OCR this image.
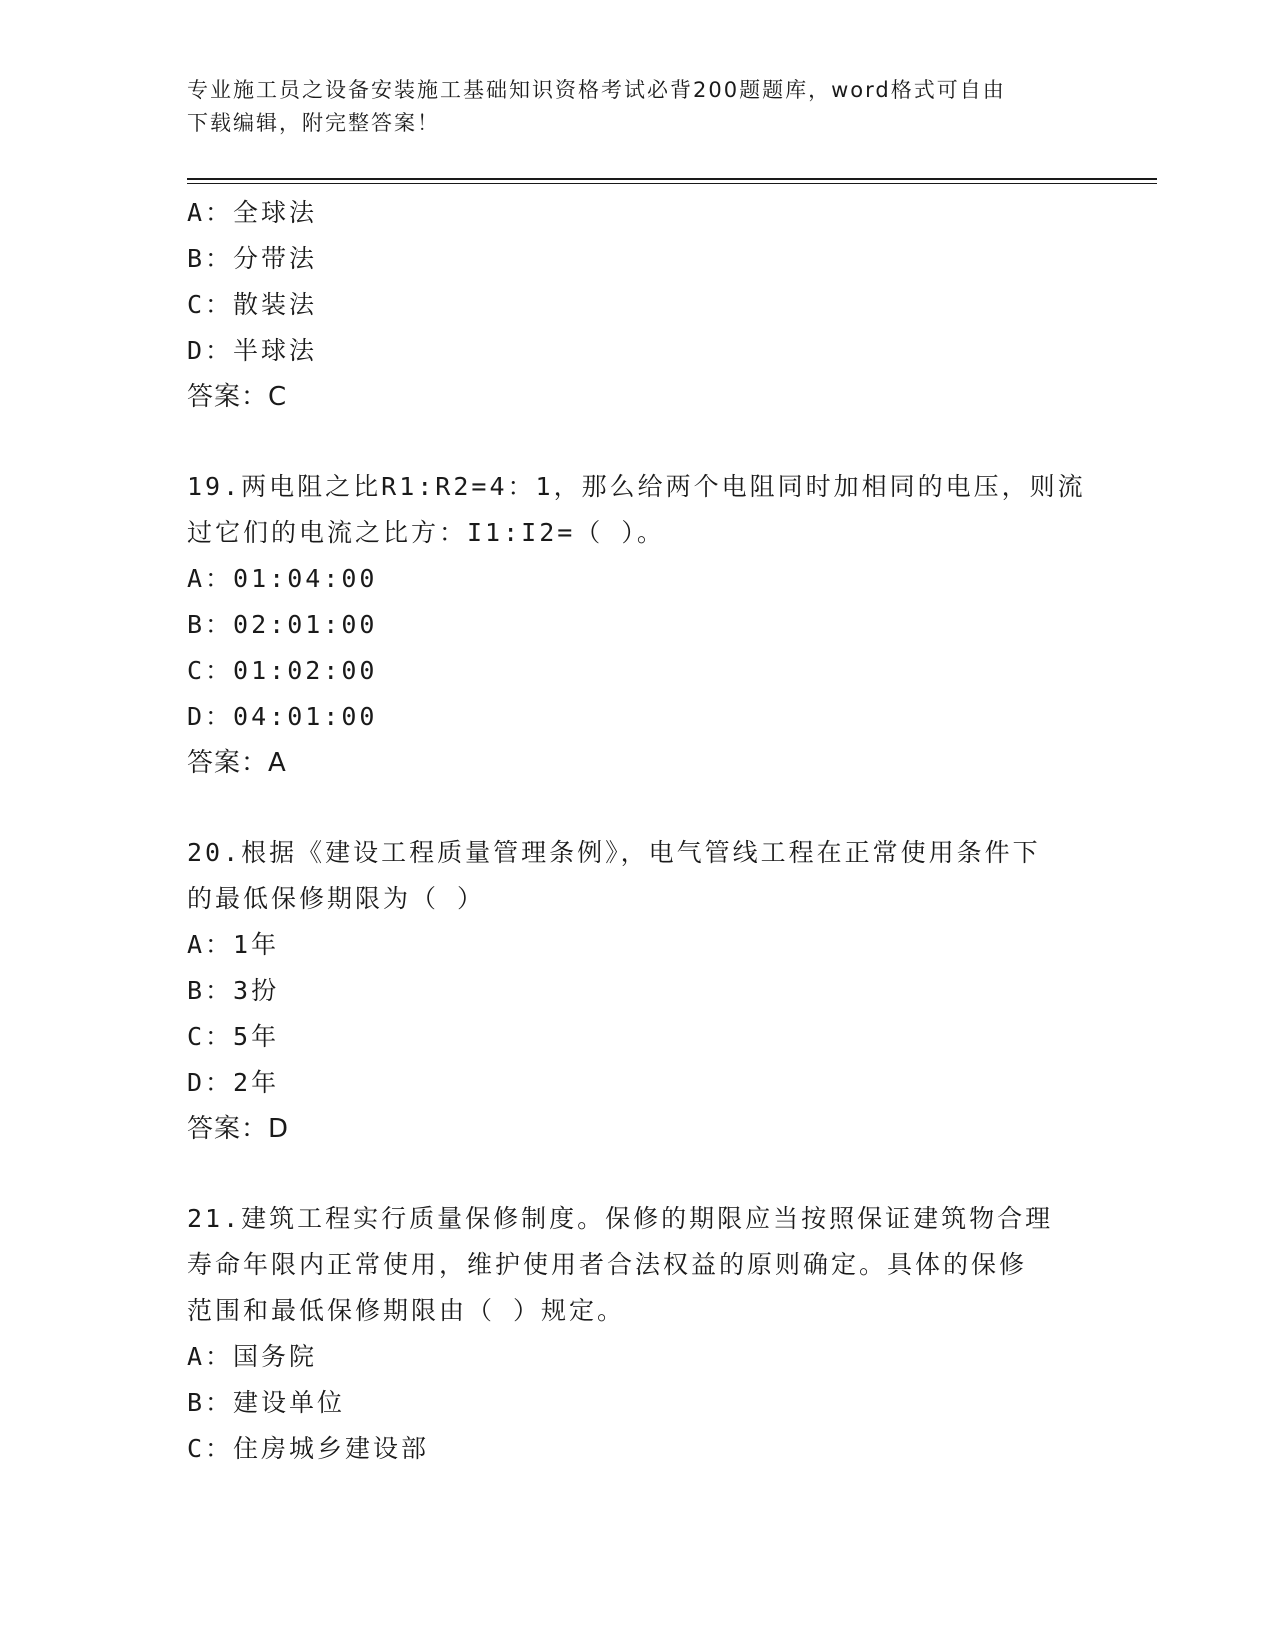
专业施工员之设备安装施工基础知识资格考试必背200题题库，word格式可自由
下载编辑，附完整答案！
A：全球法
B：分带法
C：散装法
D：半球法
答案：C
19.两电阻之比R1:R2=4：1，那么给两个电阻同时加相同的电压，则流
过它们的电流之比方：I1:I2=（ ）。
A：01:04:00
B：02:01:00
C：01:02:00
D：04:01:00
答案：A
20.根据《建设工程质量管理条例》，电气管线工程在正常使用条件下
的最低保修期限为（ ）
A：1年
B：3扮
C：5年
D：2年
答案：D
21.建筑工程实行质量保修制度。保修的期限应当按照保证建筑物合理
寿命年限内正常使用，维护使用者合法权益的原则确定。具体的保修
范围和最低保修期限由（ ）规定。
A：国务院
B：建设单位
C：住房城乡建设部
